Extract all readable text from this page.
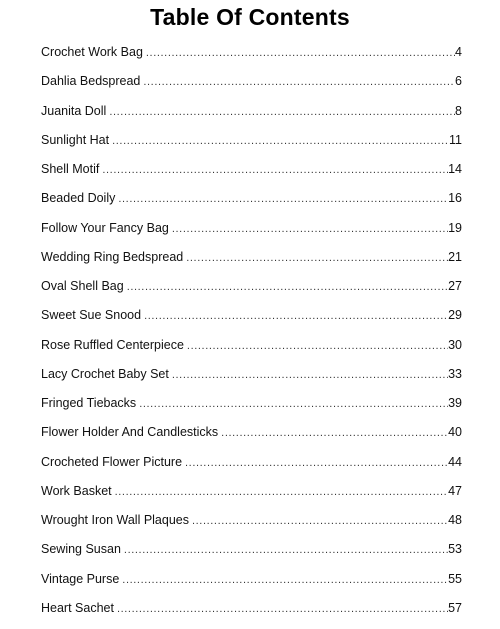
Table Of Contents
Crochet Work Bag .....	4
Dahlia Bedspread .....	6
Juanita Doll .....	8
Sunlight Hat .....	11
Shell Motif .....	14
Beaded Doily .....	16
Follow Your Fancy Bag .....	19
Wedding Ring Bedspread .....	21
Oval Shell Bag .....	27
Sweet Sue Snood .....	29
Rose Ruffled Centerpiece .....	30
Lacy Crochet Baby Set .....	33
Fringed Tiebacks .....	39
Flower Holder And Candlesticks .....	40
Crocheted Flower Picture .....	44
Work Basket .....	47
Wrought Iron Wall Plaques .....	48
Sewing Susan .....	53
Vintage Purse .....	55
Heart Sachet .....	57
